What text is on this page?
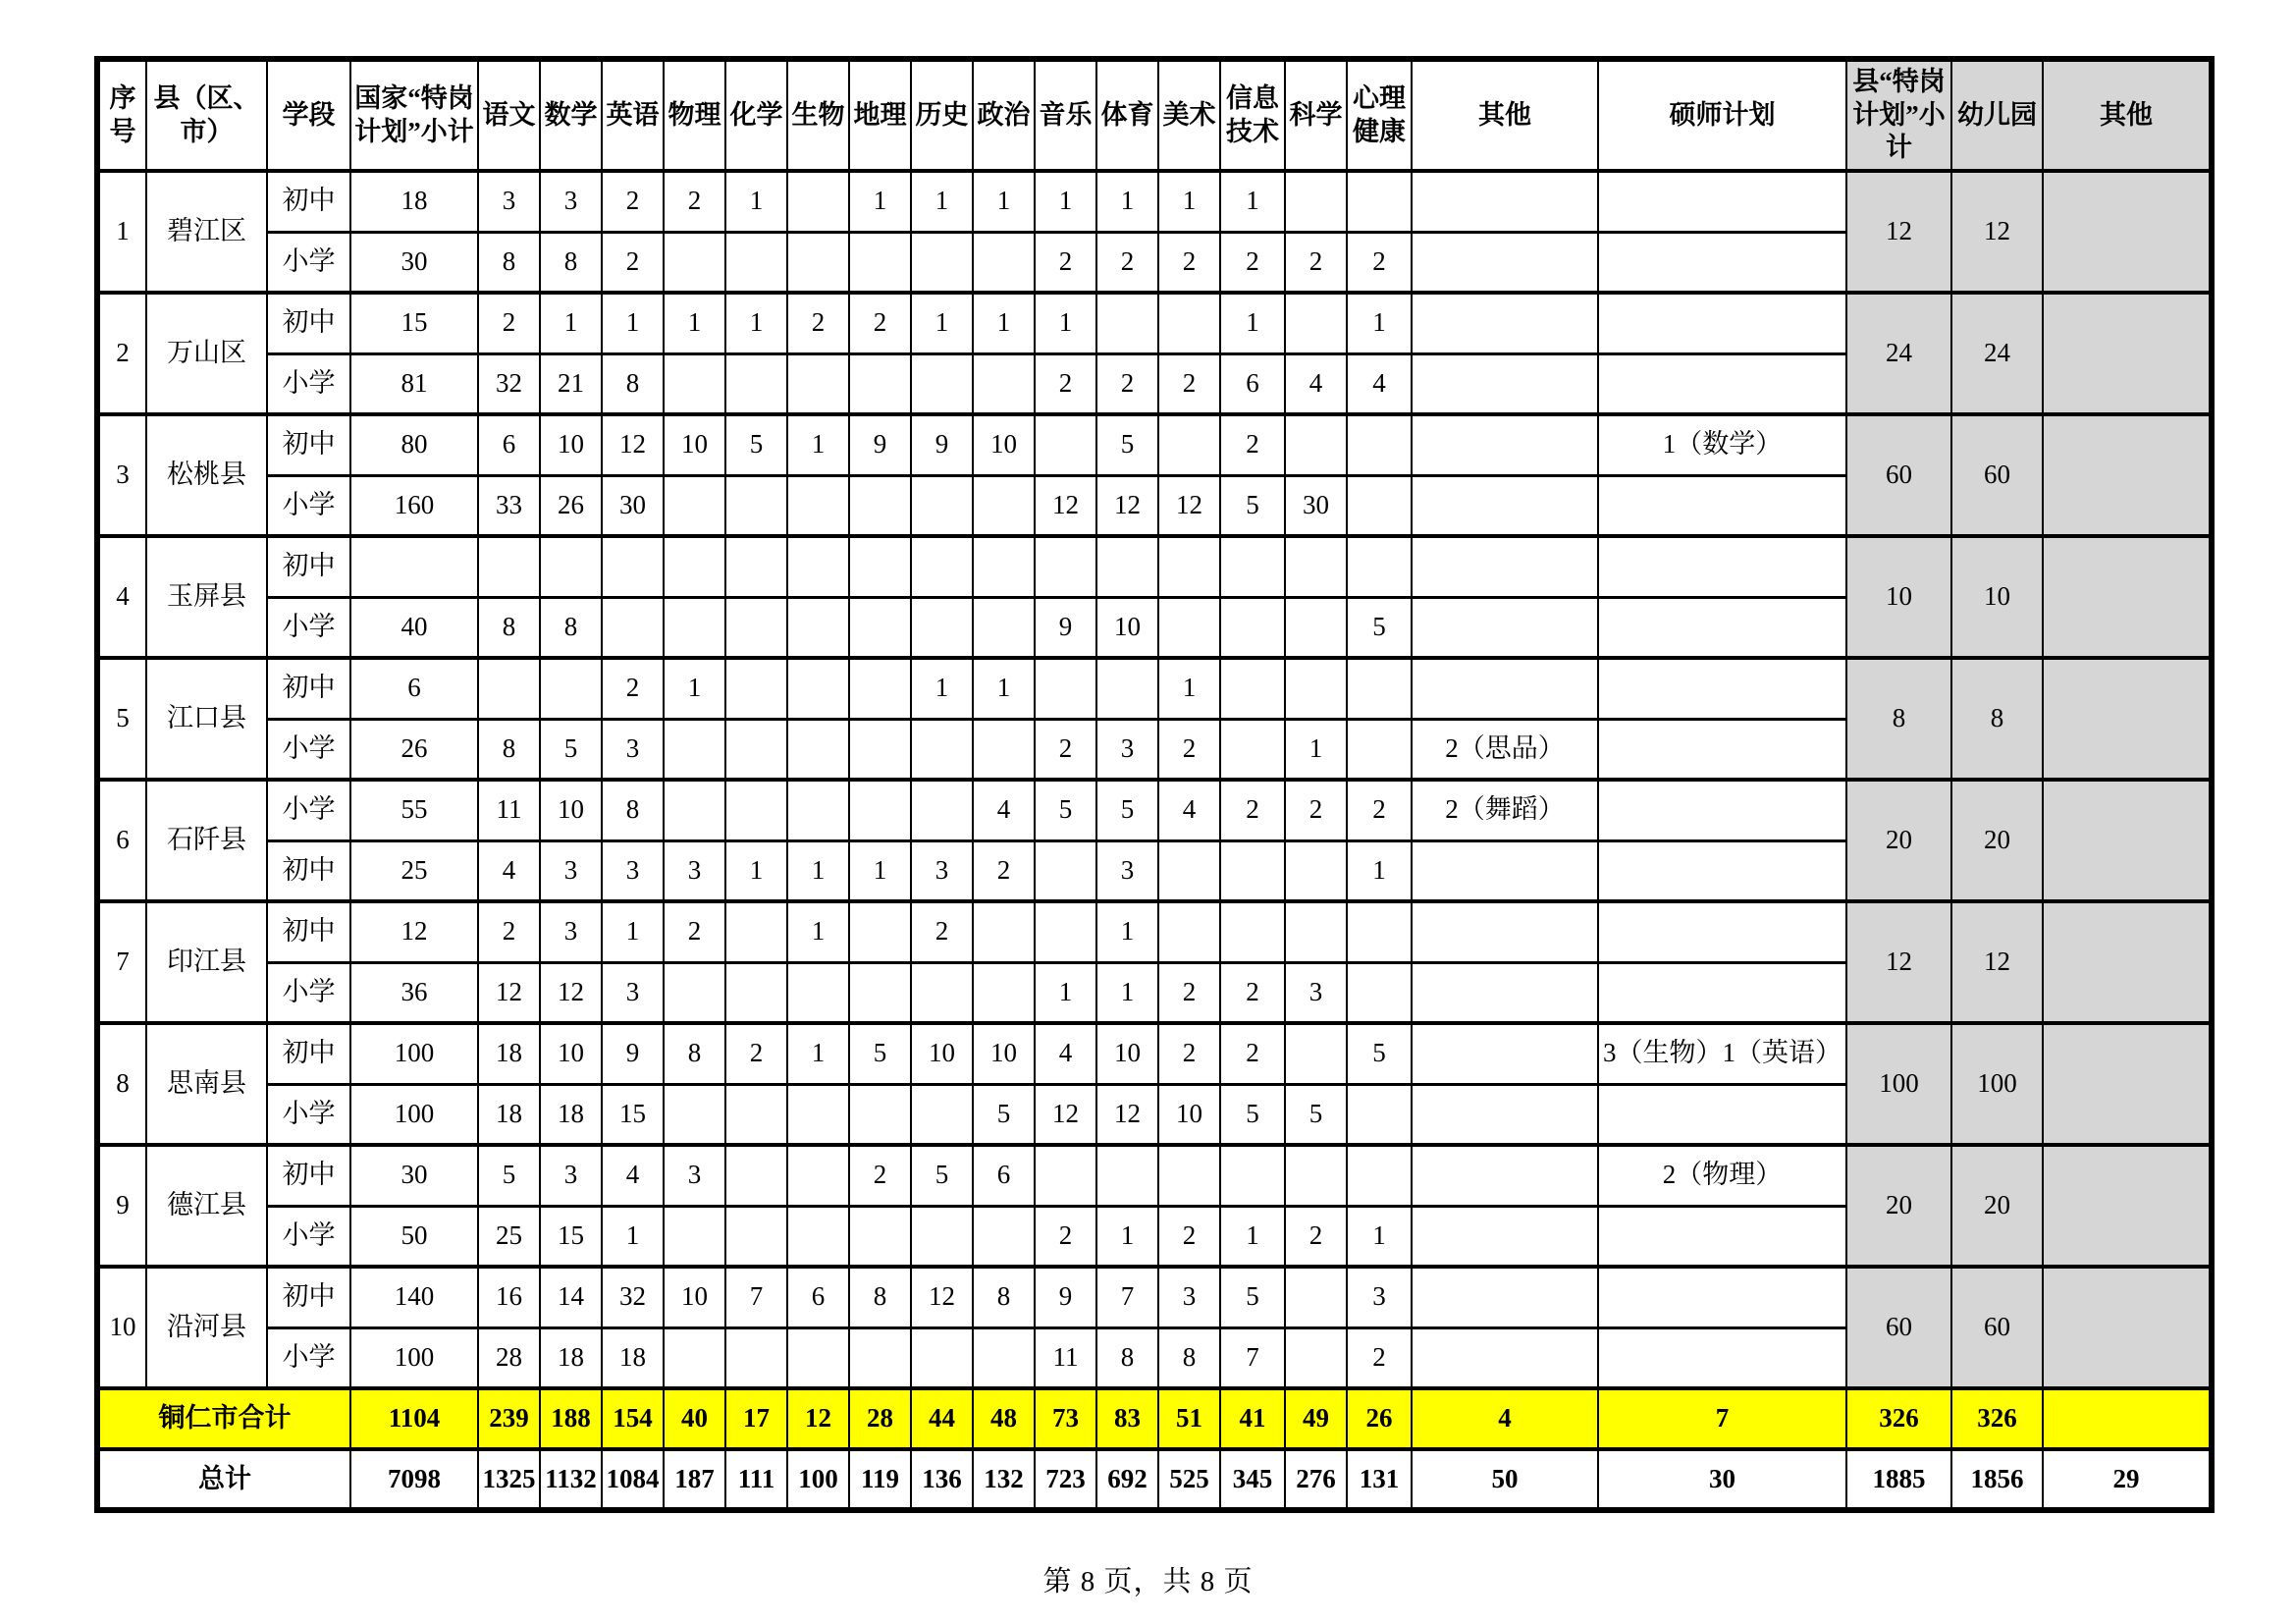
序号	县（区、市）	学段	国家“特岗计划”小计	语文	数学	英语	物理	化学	生物	地理	历史	政治	音乐	体育	美术	信息技术	科学	心理健康	其他	硕师计划	县“特岗 计划”小计	幼儿园	其他
1	碧江区	初中	18	3	3	2	2	1		1	1	1	1	1	1	1					12	12	
		小学	30	8	8	2							2	2	2	2	2	2					
2	万山区	初中	15	2	1	1	1	1	2	2	1	1	1			1		1			24	24	
		小学	81	32	21	8							2	2	2	6	4	4					
3	松桃县	初中	80	6	10	12	10	5	1	9	9	10		5		2				1（数学）	60	60	
		小学	160	33	26	30							12	12	12	5	30						
4	玉屏县	初中																			10	10	
		小学	40	8	8								9	10				5					
5	江口县	初中	6			2	1				1	1			1						8	8	
		小学	26	8	5	3							2	3	2		1		2（思品）				
6	石阡县	小学	55	11	10	8						4	5	5	4	2	2	2	2（舞蹈）		20	20	
		初中	25	4	3	3	3	1	1	1	3	2		3				1					
7	印江县	初中	12	2	3	1	2		1		2			1							12	12	
		小学	36	12	12	3							1	1	2	2	3						
8	思南县	初中	100	18	10	9	8	2	1	5	10	10	4	10	2	2		5		3（生物）1（英语）	100	100	
		小学	100	18	18	15						5	12	12	10	5	5						
9	德江县	初中	30	5	3	4	3			2	5	6								2（物理）	20	20	
		小学	50	25	15	1							2	1	2	1	2	1					
10	沿河县	初中	140	16	14	32	10	7	6	8	12	8	9	7	3	5		3			60	60	
		小学	100	28	18	18							11	8	8	7		2					
铜仁市合计			1104	239	188	154	40	17	12	28	44	48	73	83	51	41	49	26	4	7	326	326	
总计			7098	1325	1132	1084	187	111	100	119	136	132	723	692	525	345	276	131	50	30	1885	1856	29
第 8 页，共 8 页
